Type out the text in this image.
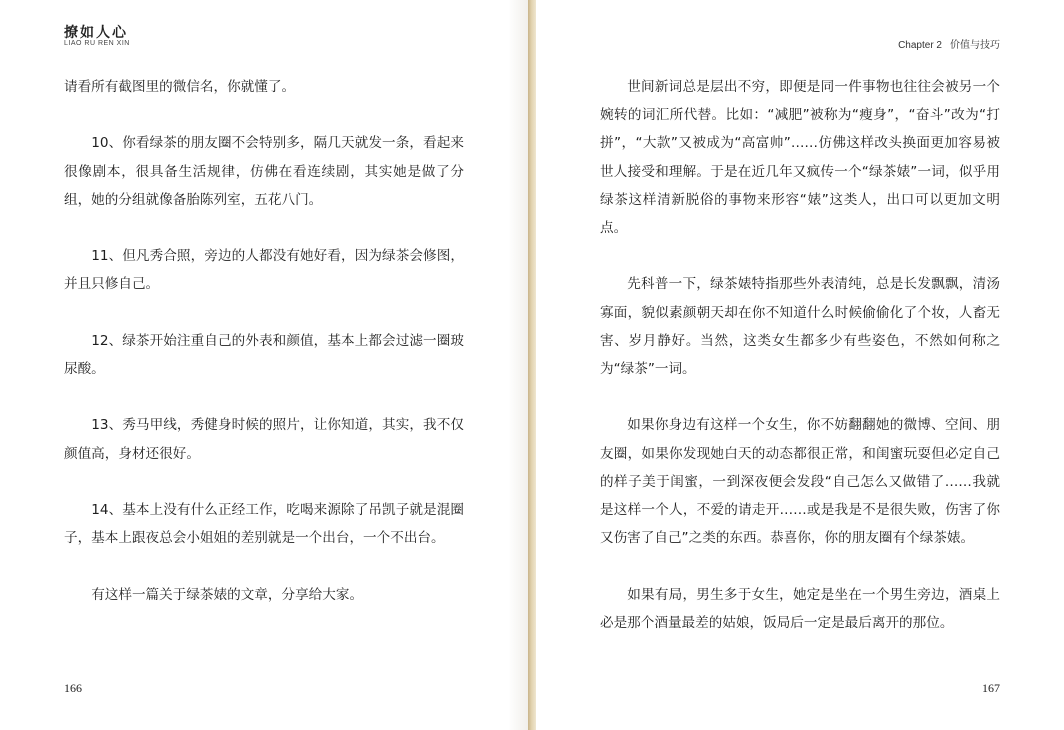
撩如人心
LIAO RU REN XIN

请看所有截图里的微信名，你就懂了。

10、你看绿茶的朋友圈不会特别多，隔几天就发一条，看起来很像剧本，很具备生活规律，仿佛在看连续剧，其实她是做了分组，她的分组就像备胎陈列室，五花八门。

11、但凡秀合照，旁边的人都没有她好看，因为绿茶会修图，并且只修自己。

12、绿茶开始注重自己的外表和颜值，基本上都会过滤一圈玻尿酸。

13、秀马甲线，秀健身时候的照片，让你知道，其实，我不仅颜值高，身材还很好。

14、基本上没有什么正经工作，吃喝来源除了吊凯子就是混圈子，基本上跟夜总会小姐姐的差别就是一个出台，一个不出台。

有这样一篇关于绿茶婊的文章，分享给大家。

166
Chapter 2 价值与技巧

世间新词总是层出不穷，即便是同一件事物也往往会被另一个婉转的词汇所代替。比如：“减肥”被称为“瘦身”，“奋斗”改为“打拼”，“大款”又被成为“高富帅”……仿佛这样改头换面更加容易被世人接受和理解。于是在近几年又疯传一个“绿茶婊”一词，似乎用绿茶这样清新脱俗的事物来形容“婊”这类人，出口可以更加文明点。

先科普一下，绿茶婊特指那些外表清纯，总是长发飘飘，清汤寡面，貌似素颜朝天却在你不知道什么时候偷偷化了个妆，人畜无害、岁月静好。当然，这类女生都多少有些姿色，不然如何称之为“绿茶”一词。

如果你身边有这样一个女生，你不妨翻翻她的微博、空间、朋友圈，如果你发现她白天的动态都很正常，和闺蜜玩耍但必定自己的样子美于闺蜜，一到深夜便会发段“自己怎么又做错了……我就是这样一个人，不爱的请走开……或是我是不是很失败，伤害了你又伤害了自己”之类的东西。恭喜你，你的朋友圈有个绿茶婊。

如果有局，男生多于女生，她定是坐在一个男生旁边，酒桌上必是那个酒量最差的姑娘，饭局后一定是最后离开的那位。

167
